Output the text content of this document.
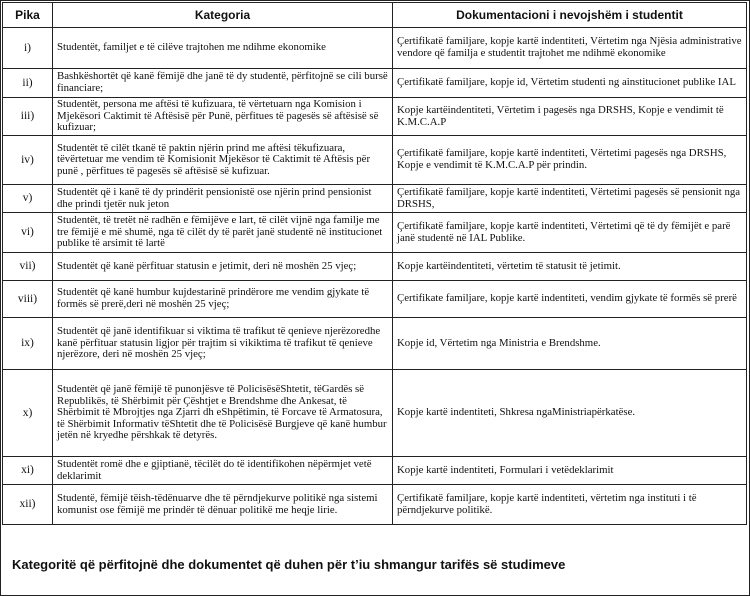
Pika	Kategoria	Dokumentacioni i nevojshëm i studentit
i)	Studentët, familjet e të cilëve trajtohen me ndihme ekonomike	Çertifikatë familjare, kopje kartë indentiteti, Vërtetim nga Njësia administrative vendore që familja e studentit trajtohet me ndihmë ekonomike
ii)	Bashkëshortët që kanë fëmijë dhe janë të dy studentë, përfitojnë se cili bursë financiare;	Çertifikatë familjare, kopje id, Vërtetim studenti ng ainstitucionet publike IAL
iii)	Studentët, persona me aftësi të kufizuara, të vërtetuarn nga Komision i Mjekësori Caktimit të Aftësisë për Punë, përfitues të pagesës së aftësisë së kufizuar;	Kopje kartëindentiteti, Vërtetim i pagesës nga DRSHS, Kopje e vendimit të K.M.C.A.P
iv)	Studentët të cilët tkanë të paktin njërin prind me aftësi tëkufizuara, tëvërtetuar me vendim të Komisionit Mjekësor të Caktimit të Aftësis për punë , përfitues të pagesës së aftësisë së kufizuar.	Çertifikatë familjare, kopje kartë indentiteti, Vërtetimi pagesës nga DRSHS, Kopje e vendimit të K.M.C.A.P për prindin.
v)	Studentët që i kanë të dy prindërit pensionistë ose njërin prind pensionist dhe prindi tjetër nuk jeton	Çertifikatë familjare, kopje kartë indentiteti, Vërtetimi pagesës së pensionit nga DRSHS,
vi)	Studentët, të tretët në radhën e fëmijëve e lart, të cilët vijnë nga familje me tre fëmijë e më shumë, nga të cilët dy të parët janë studentë në institucionet publike të arsimit të lartë	Çertifikatë familjare, kopje kartë indentiteti, Vërtetimi që të dy fëmijët e parë janë studentë në IAL Publike.
vii)	Studentët që kanë përfituar statusin e jetimit, deri në moshën 25 vjeç;	Kopje kartëindentiteti, vërtetim të statusit të jetimit.
viii)	Studentët që kanë humbur kujdestarinë prindërore me vendim gjykate të formës së prerë,deri në moshën 25 vjeç;	Çertifikate familjare, kopje kartë indentiteti, vendim gjykate të formës së prerë
ix)	Studentët që janë identifikuar si viktima të trafikut të qenieve njerëzoredhe kanë përfituar statusin ligjor për trajtim si vikiktima të trafikut të qenieve njerëzore, deri në moshën 25 vjeç;	Kopje id, Vërtetim nga Ministria e Brendshme.
x)	Studentët që janë fëmijë të punonjësve të PolicisësëShtetit, tëGardës së Republikës, të Shërbimit për Çështjet e Brendshme dhe Ankesat, të Shërbimit të Mbrojtjes nga Zjarri dh eShpëtimin, të Forcave të Armatosura, të Shërbimit Informativ tëShtetit dhe të Policisësë Burgjeve që kanë humbur jetën në kryedhe përshkak të detyrës.	Kopje kartë indentiteti, Shkresa ngaMinistriapërkatëse.
xi)	Studentët romë dhe e gjiptianë, tëcilët do të identifikohen nëpërmjet vetë deklarimit	Kopje kartë indentiteti, Formulari i vetëdeklarimit
xii)	Studentë, fëmijë tëish-tëdënuarve dhe të përndjekurve politikë nga sistemi komunist ose fëmijë me prindër të dënuar politikë me heqje lirie.	Çertifikatë familjare, kopje kartë indentiteti, vërtetim nga instituti i të përndjekurve politikë.
Kategoritë që përfitojnë dhe dokumentet që duhen për t’iu shmangur tarifës së studimeve
